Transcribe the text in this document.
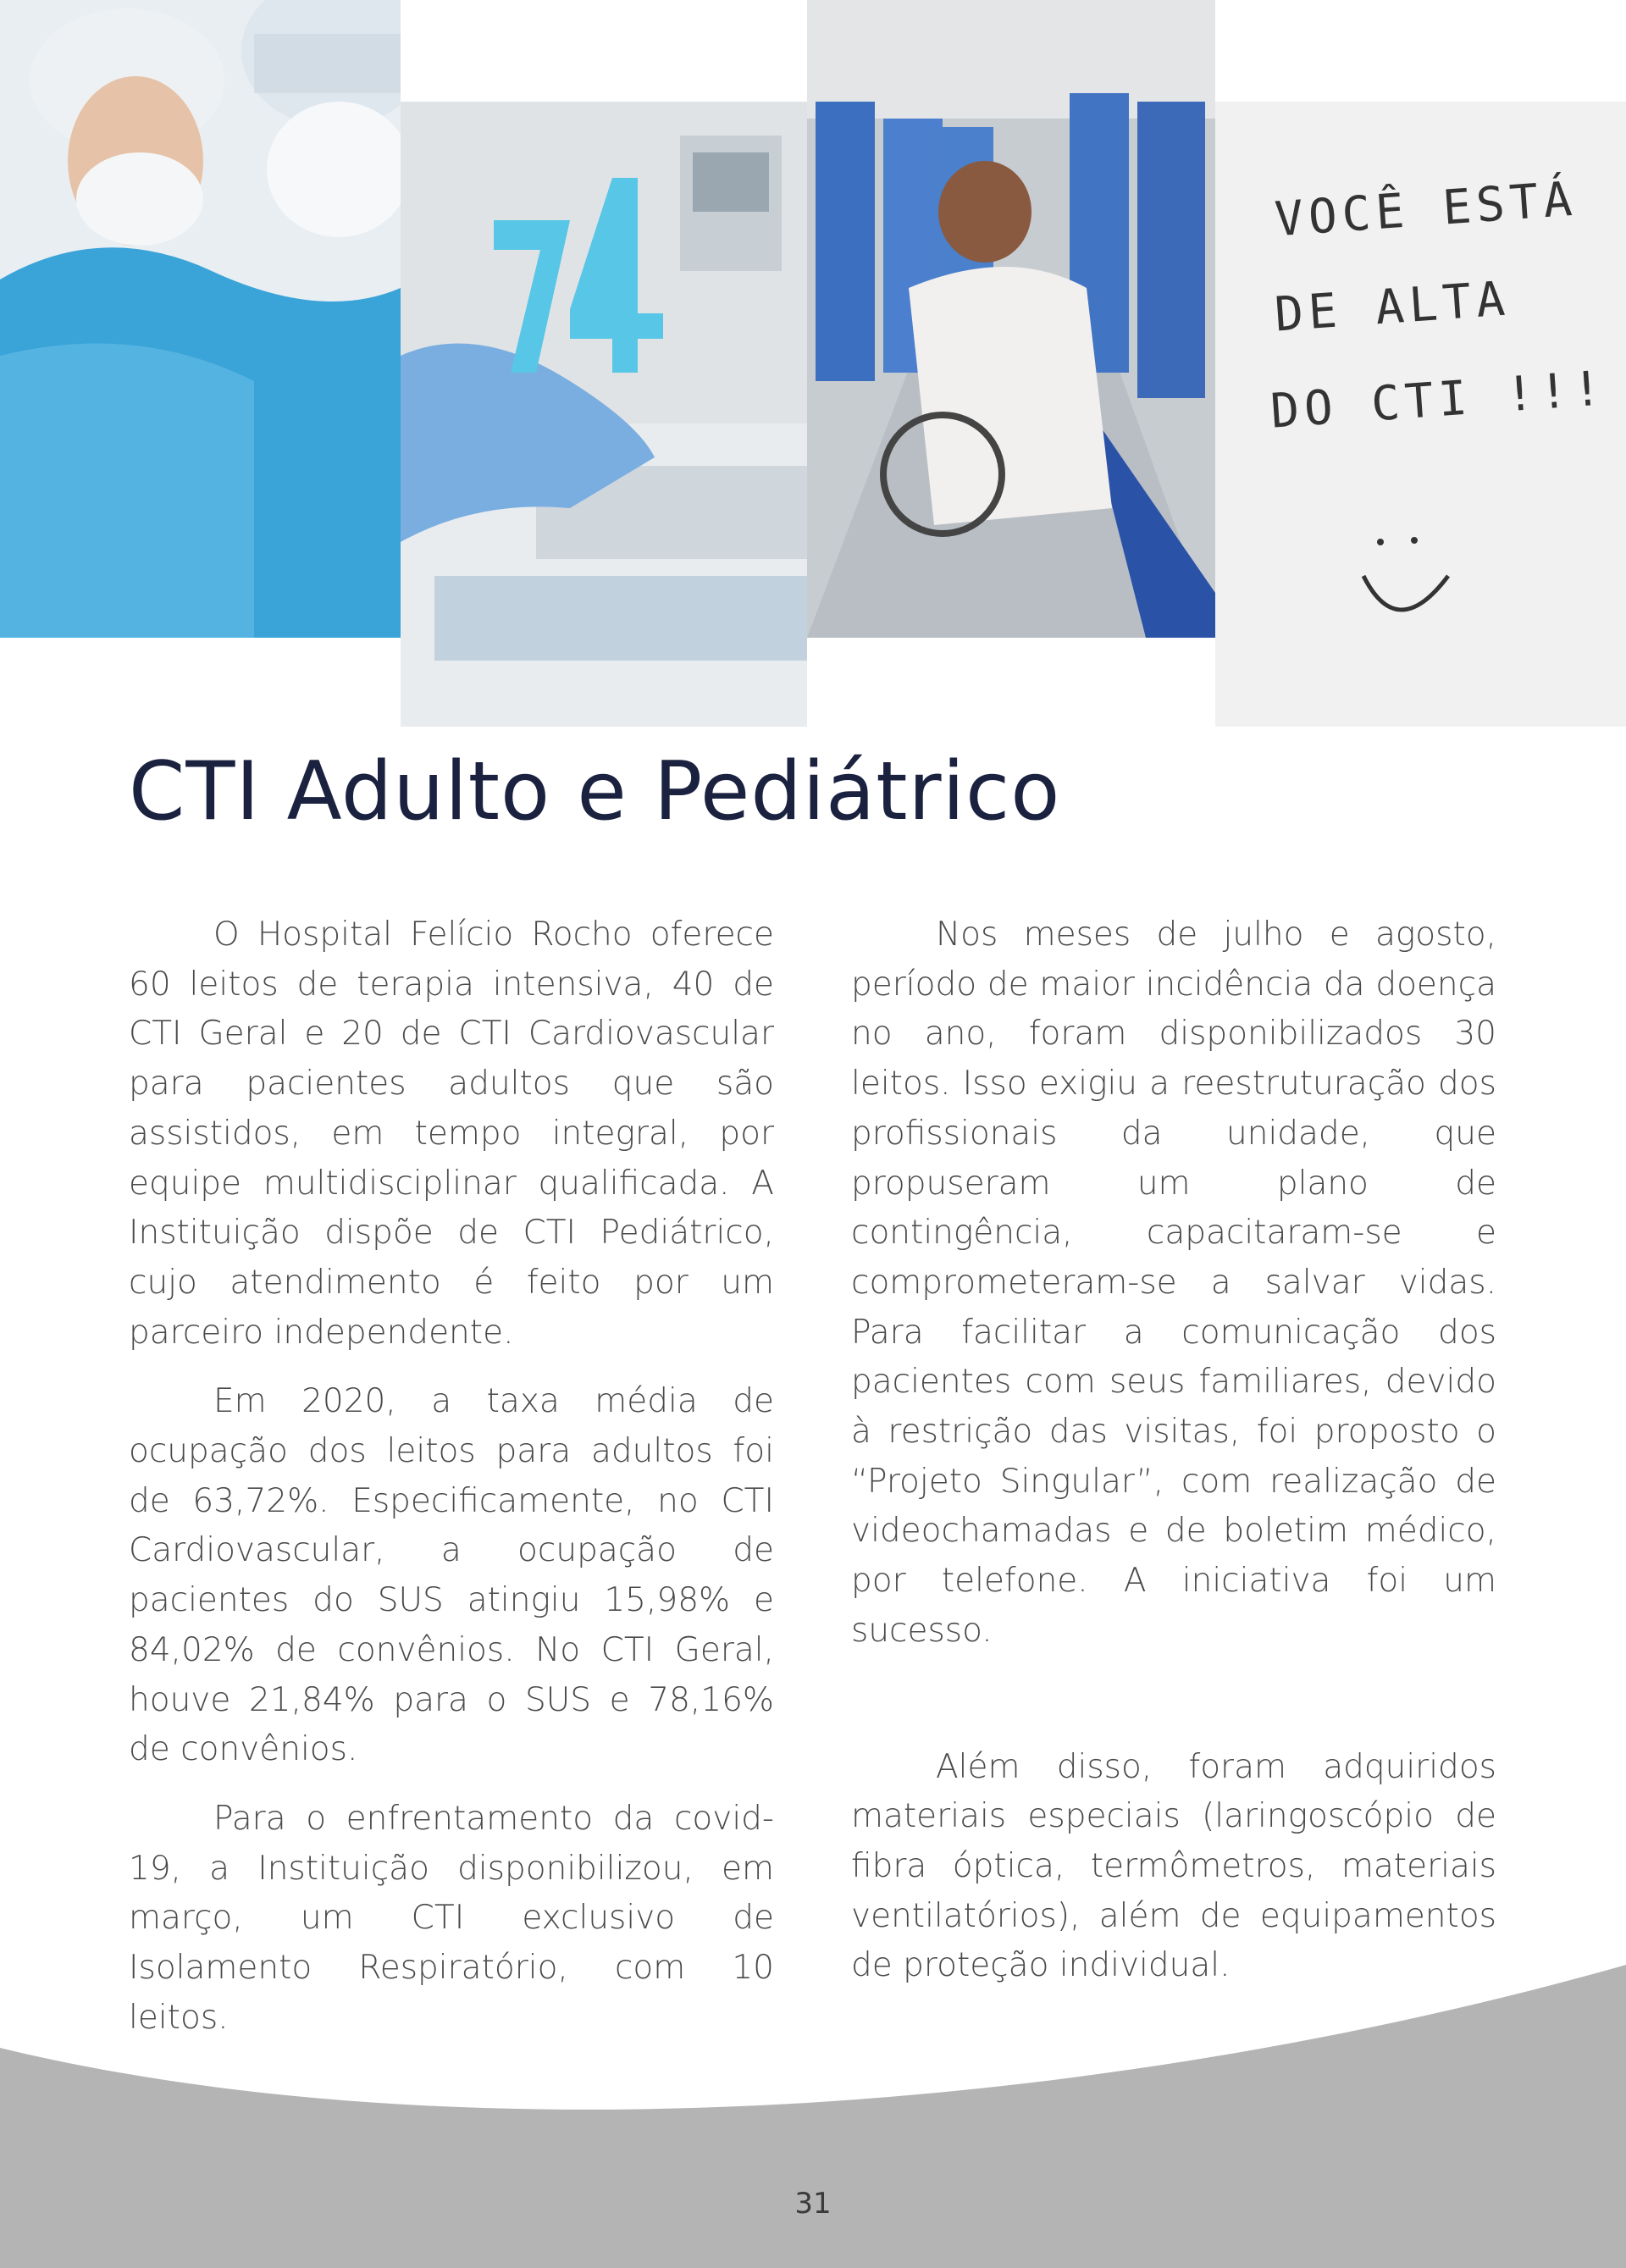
VOCÊ ESTÁ
DE ALTA
DO CTI !!!
CTI Adulto e Pediátrico

O Hospital Felício Rocho oferece 60 leitos de terapia intensiva, 40 de CTI Geral e 20 de CTI Cardiovascular para pacientes adultos que são assistidos, em tempo integral, por equipe multidisciplinar qualificada. A Instituição dispõe de CTI Pediátrico, cujo atendimento é feito por um parceiro independente.

Em 2020, a taxa média de ocupação dos leitos para adultos foi de 63,72%. Especificamente, no CTI Cardiovascular, a ocupação de pacientes do SUS atingiu 15,98% e 84,02% de convênios. No CTI Geral, houve 21,84% para o SUS e 78,16% de convênios.

Para o enfrentamento da covid-19, a Instituição disponibilizou, em março, um CTI exclusivo de Isolamento Respiratório, com 10 leitos.

Nos meses de julho e agosto, período de maior incidência da doença no ano, foram disponibilizados 30 leitos. Isso exigiu a reestruturação dos profissionais da unidade, que propuseram um plano de contingência, capacitaram-se e comprometeram-se a salvar vidas. Para facilitar a comunicação dos pacientes com seus familiares, devido à restrição das visitas, foi proposto o “Projeto Singular”, com realização de videochamadas e de boletim médico, por telefone. A iniciativa foi um sucesso.

Além disso, foram adquiridos materiais especiais (laringoscópio de fibra óptica, termômetros, materiais ventilatórios), além de equipamentos de proteção individual.

31
